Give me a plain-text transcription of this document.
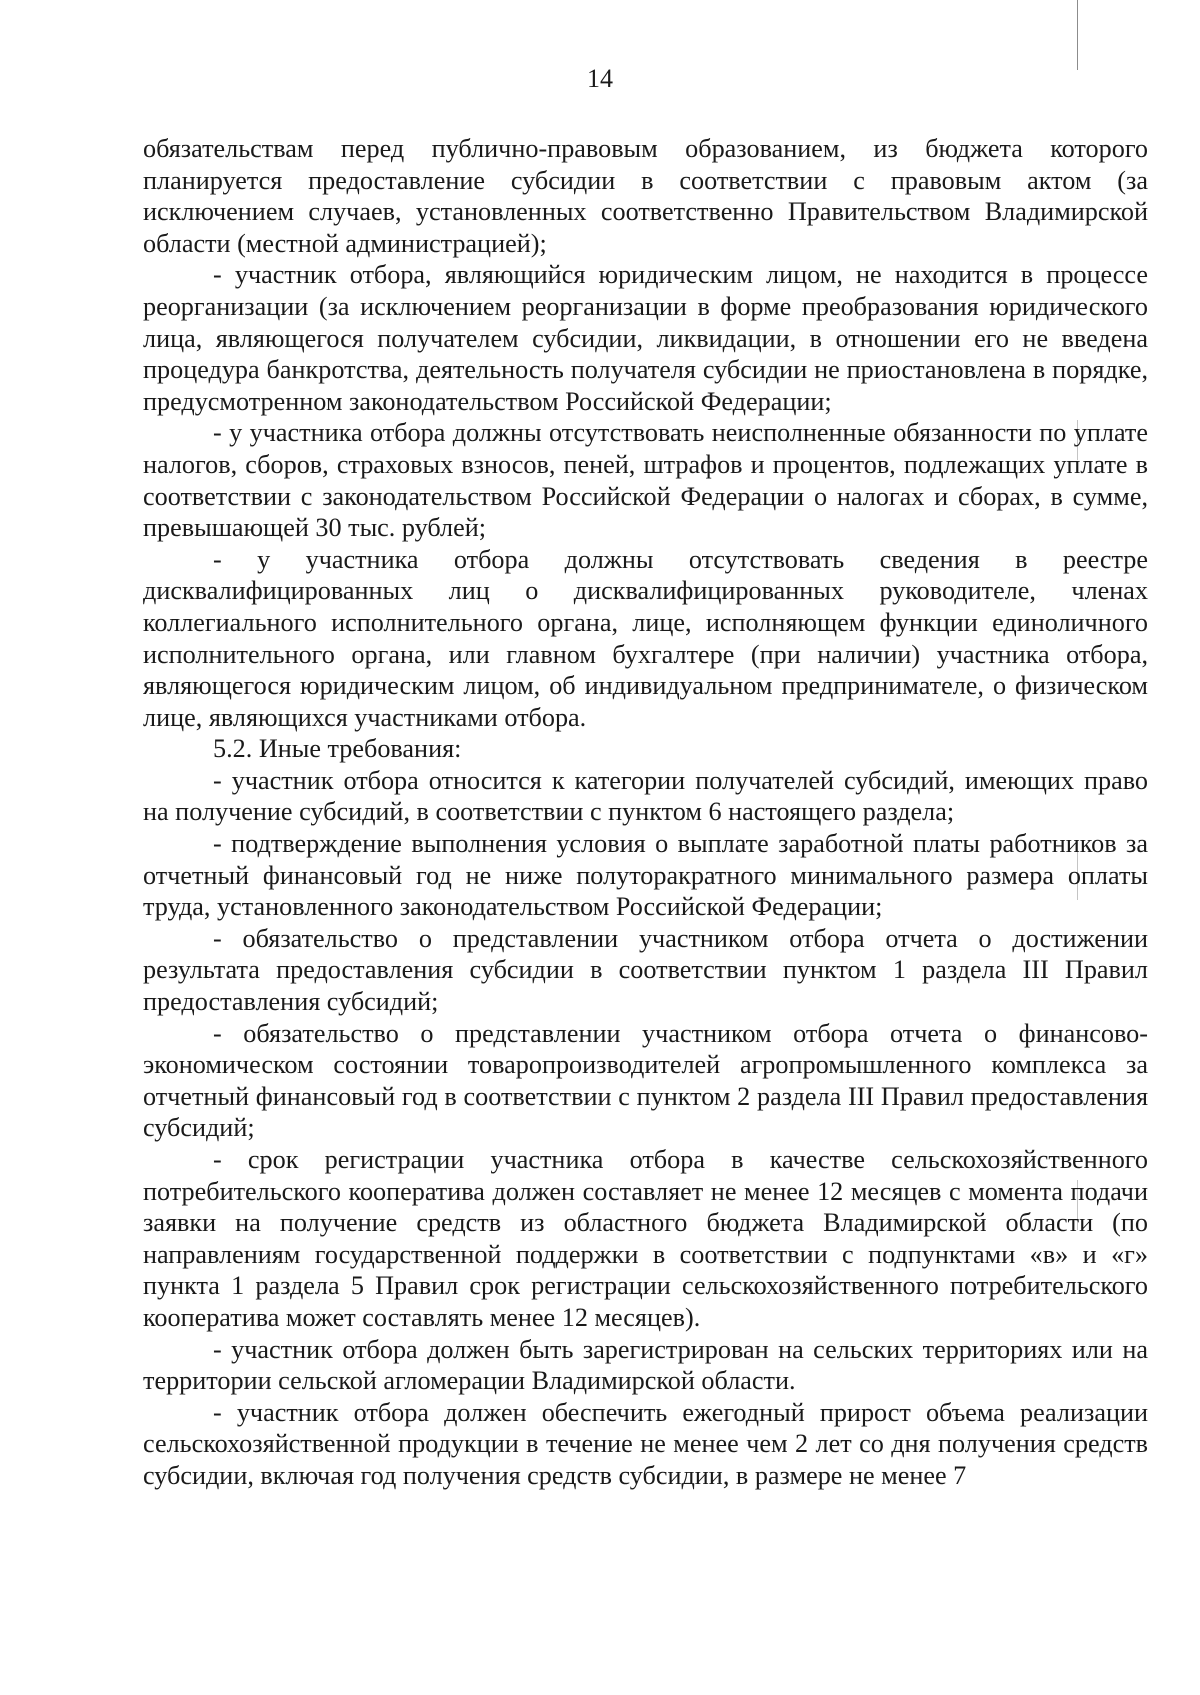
14

обязательствам перед публично-правовым образованием, из бюджета которого планируется предоставление субсидии в соответствии с правовым актом (за исключением случаев, установленных соответственно Правительством Владимирской области (местной администрацией);

- участник отбора, являющийся юридическим лицом, не находится в процессе реорганизации (за исключением реорганизации в форме преобразования юридического лица, являющегося получателем субсидии, ликвидации, в отношении его не введена процедура банкротства, деятельность получателя субсидии не приостановлена в порядке, предусмотренном законодательством Российской Федерации;

- у участника отбора должны отсутствовать неисполненные обязанности по уплате налогов, сборов, страховых взносов, пеней, штрафов и процентов, подлежащих уплате в соответствии с законодательством Российской Федерации о налогах и сборах, в сумме, превышающей 30 тыс. рублей;

- у участника отбора должны отсутствовать сведения в реестре дисквалифицированных лиц о дисквалифицированных руководителе, членах коллегиального исполнительного органа, лице, исполняющем функции единоличного исполнительного органа, или главном бухгалтере (при наличии) участника отбора, являющегося юридическим лицом, об индивидуальном предпринимателе, о физическом лице, являющихся участниками отбора.

5.2. Иные требования:

- участник отбора относится к категории получателей субсидий, имеющих право на получение субсидий, в соответствии с пунктом 6 настоящего раздела;

- подтверждение выполнения условия о выплате заработной платы работников за отчетный финансовый год не ниже полуторакратного минимального размера оплаты труда, установленного законодательством Российской Федерации;

- обязательство о представлении участником отбора отчета о достижении результата предоставления субсидии в соответствии пунктом 1 раздела III Правил предоставления субсидий;

- обязательство о представлении участником отбора отчета о финансово-экономическом состоянии товаропроизводителей агропромышленного комплекса за отчетный финансовый год в соответствии с пунктом 2 раздела III Правил предоставления субсидий;

- срок регистрации участника отбора в качестве сельскохозяйственного потребительского кооператива должен составляет не менее 12 месяцев с момента подачи заявки на получение средств из областного бюджета Владимирской области (по направлениям государственной поддержки в соответствии с подпунктами «в» и «г» пункта 1 раздела 5 Правил срок регистрации сельскохозяйственного потребительского кооператива может составлять менее 12 месяцев).

- участник отбора должен быть зарегистрирован на сельских территориях или на территории сельской агломерации Владимирской области.

- участник отбора должен обеспечить ежегодный прирост объема реализации сельскохозяйственной продукции в течение не менее чем 2 лет со дня получения средств субсидии, включая год получения средств субсидии, в размере не менее 7
